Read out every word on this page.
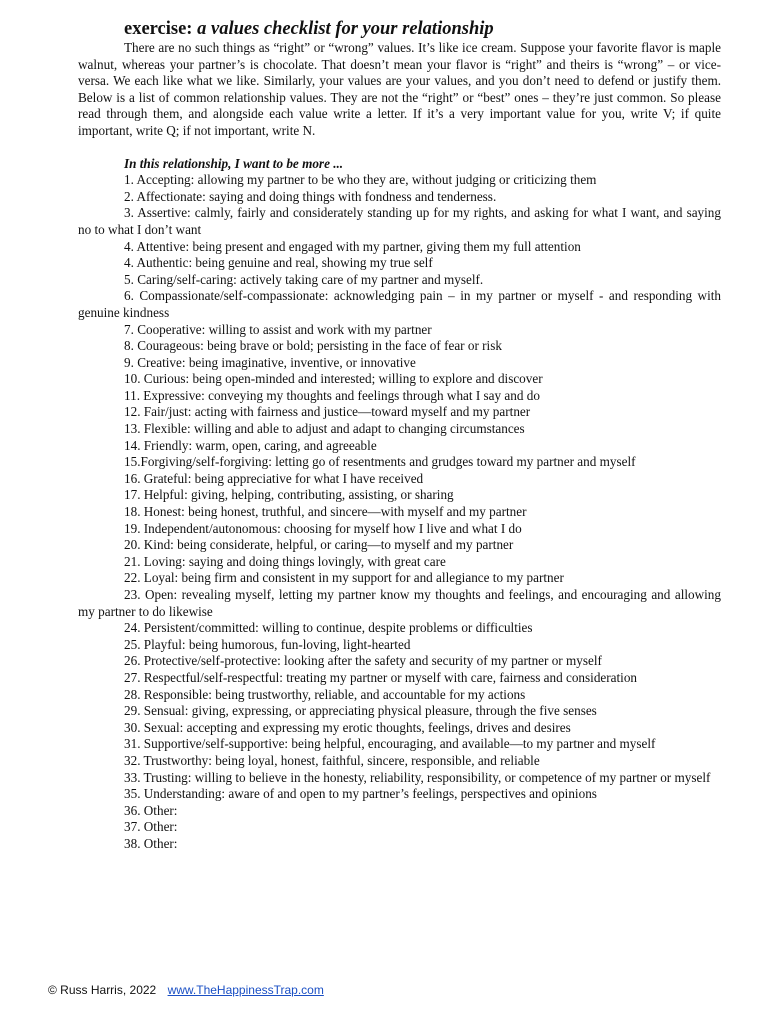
exercise: a values checklist for your relationship

There are no such things as “right” or “wrong” values. It’s like ice cream. Suppose your favorite flavor is maple walnut, whereas your partner’s is chocolate. That doesn’t mean your flavor is “right” and theirs is “wrong” – or vice-versa. We each like what we like. Similarly, your values are your values, and you don’t need to defend or justify them. Below is a list of common relationship values. They are not the “right” or “best” ones – they’re just common. So please read through them, and alongside each value write a letter. If it’s a very important value for you, write V; if quite important, write Q; if not important, write N.

In this relationship, I want to be more ...

1. Accepting: allowing my partner to be who they are, without judging or criticizing them
2. Affectionate: saying and doing things with fondness and tenderness.
3. Assertive: calmly, fairly and considerately standing up for my rights, and asking for what I want, and saying no to what I don’t want
4. Attentive: being present and engaged with my partner, giving them my full attention
4. Authentic: being genuine and real, showing my true self
5. Caring/self-caring: actively taking care of my partner and myself.
6. Compassionate/self-compassionate: acknowledging pain – in my partner or myself - and responding with genuine kindness
7. Cooperative: willing to assist and work with my partner
8. Courageous: being brave or bold; persisting in the face of fear or risk
9. Creative: being imaginative, inventive, or innovative
10. Curious: being open-minded and interested; willing to explore and discover
11. Expressive: conveying my thoughts and feelings through what I say and do
12. Fair/just: acting with fairness and justice—toward myself and my partner
13. Flexible: willing and able to adjust and adapt to changing circumstances
14. Friendly: warm, open, caring, and agreeable
15.Forgiving/self-forgiving: letting go of resentments and grudges toward my partner and myself
16. Grateful: being appreciative for what I have received
17. Helpful: giving, helping, contributing, assisting, or sharing
18. Honest: being honest, truthful, and sincere—with myself and my partner
19. Independent/autonomous: choosing for myself how I live and what I do
20. Kind: being considerate, helpful, or caring—to myself and my partner
21. Loving: saying and doing things lovingly, with great care
22. Loyal: being firm and consistent in my support for and allegiance to my partner
23. Open: revealing myself, letting my partner know my thoughts and feelings, and encouraging and allowing my partner to do likewise
24. Persistent/committed: willing to continue, despite problems or difficulties
25. Playful: being humorous, fun-loving, light-hearted
26. Protective/self-protective: looking after the safety and security of my partner or myself
27. Respectful/self-respectful: treating my partner or myself with care, fairness and consideration
28. Responsible: being trustworthy, reliable, and accountable for my actions
29. Sensual: giving, expressing, or appreciating physical pleasure, through the five senses
30. Sexual: accepting and expressing my erotic thoughts, feelings, drives and desires
31. Supportive/self-supportive: being helpful, encouraging, and available—to my partner and myself
32. Trustworthy: being loyal, honest, faithful, sincere, responsible, and reliable
33. Trusting: willing to believe in the honesty, reliability, responsibility, or competence of my partner or myself
35. Understanding: aware of and open to my partner’s feelings, perspectives and opinions
36. Other:
37. Other:
38. Other:
© Russ Harris, 2022 www.TheHappinessTrap.com
